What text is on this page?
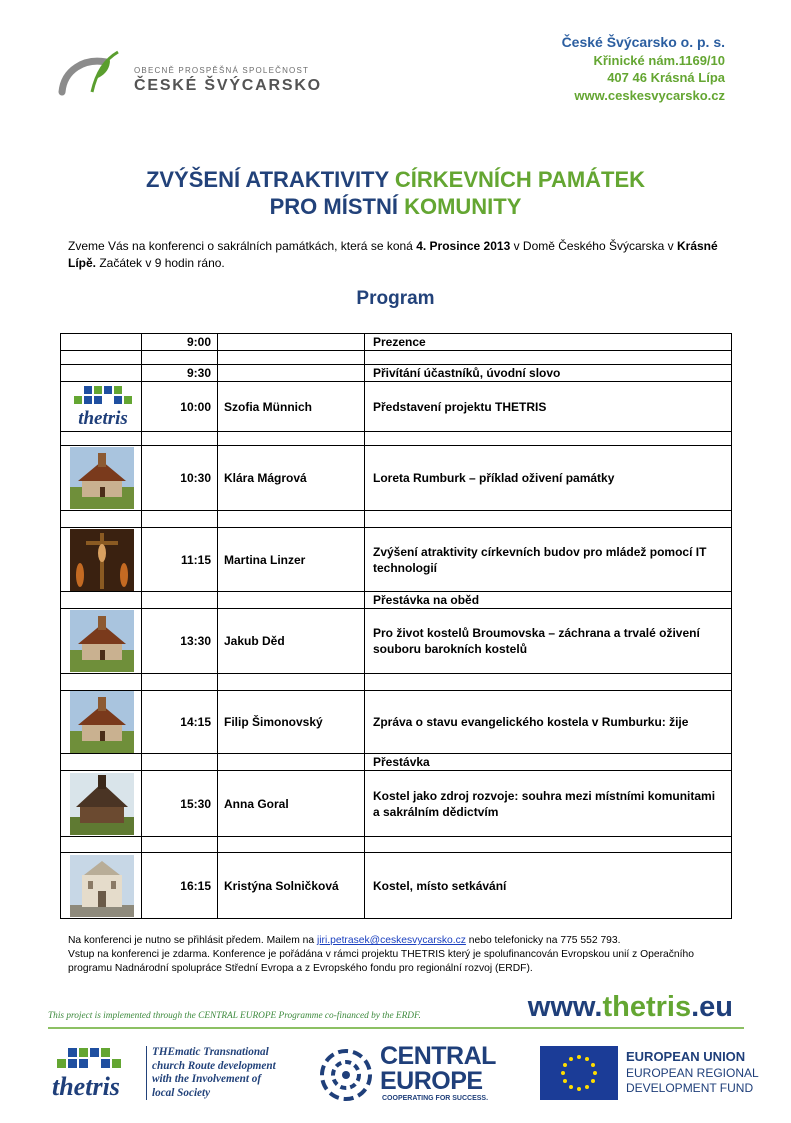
OBECNĚ PROSPĚŠNÁ SPOLEČNOST
ČESKÉ ŠVÝCARSKO
České Švýcarsko o. p. s.
Křinické nám.1169/10
407 46 Krásná Lípa
www.ceskesvycarsko.cz
ZVÝŠENÍ ATRAKTIVITY CÍRKEVNÍCH PAMÁTEK
PRO MÍSTNÍ KOMUNITY
Zveme Vás na konferenci o sakrálních památkách, která se koná 4. Prosince 2013 v Domě Českého Švýcarska v Krásné Lípě. Začátek v 9 hodin ráno.
Program
	9:00		Prezence

	9:30		Přivítání účastníků, úvodní slovo

thetris	10:00	Szofia Münnich	Představení projektu THETRIS

	10:30	Klára Mágrová	Loreta Rumburk – příklad oživení památky

	11:15	Martina Linzer	Zvýšení atraktivity církevních budov pro mládež pomocí IT technologií
			Přestávka na oběd

	13:30	Jakub Děd	Pro život kostelů Broumovska – záchrana a trvalé oživení souboru barokních kostelů

	14:15	Filip Šimonovský	Zpráva o stavu evangelického kostela v Rumburku: žije
			Přestávka

	15:30	Anna Goral	Kostel jako zdroj rozvoje: souhra mezi místními komunitami a sakrálním dědictvím

	16:15	Kristýna Solničková	Kostel, místo setkávání
Na konferenci je nutno se přihlásit předem. Mailem na jiri.petrasek@ceskesvycarsko.cz nebo telefonicky na 775 552 793.
Vstup na konferenci je zdarma. Konference je pořádána v rámci projektu THETRIS který je spolufinancován Evropskou unií z Operačního programu Nadnárodní spolupráce Střední Evropa a z Evropského fondu pro regionální rozvoj (ERDF).
This project is implemented through the CENTRAL EUROPE Programme co-financed by the ERDF.	www.thetris.eu
thetris
THEmatic Transnational
church Route development
with the Involvement of
local Society
CENTRAL
EUROPE
COOPERATING FOR SUCCESS.
EUROPEAN UNION
EUROPEAN REGIONAL
DEVELOPMENT FUND
